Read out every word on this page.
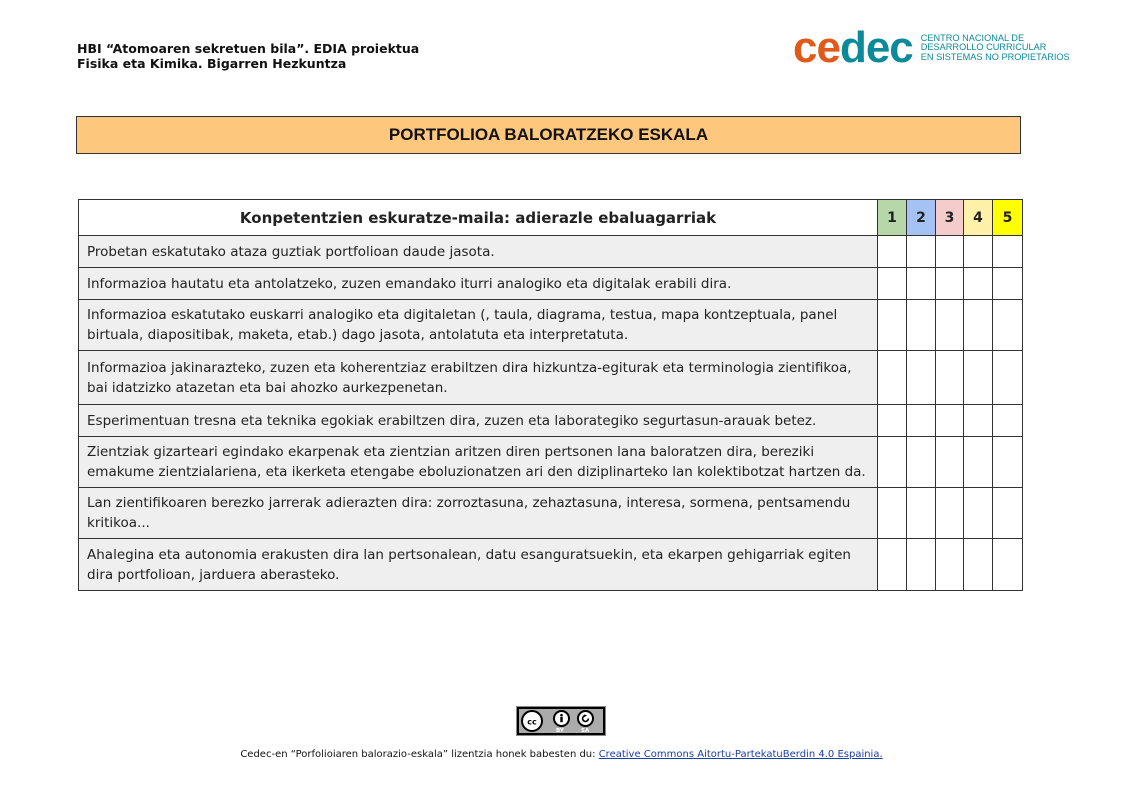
HBI “Atomoaren sekretuen bila”. EDIA proiektua
Fisika eta Kimika. Bigarren Hezkuntza	cedec CENTRO NACIONAL DE
DESARROLLO CURRICULAR
EN SISTEMAS NO PROPIETARIOS
PORTFOLIOA BALORATZEKO ESKALA
Konpetentzien eskuratze-maila: adierazle ebaluagarriak	1	2	3	4	5
Probetan eskatutako ataza guztiak portfolioan daude jasota.					
Informazioa hautatu eta antolatzeko, zuzen emandako iturri analogiko eta digitalak erabili dira.					
Informazioa eskatutako euskarri analogiko eta digitaletan (, taula, diagrama, testua, mapa kontzeptuala, panel birtuala, diapositibak, maketa, etab.) dago jasota, antolatuta eta interpretatuta.					
Informazioa jakinarazteko, zuzen eta koherentziaz erabiltzen dira hizkuntza-egiturak eta terminologia zientifikoa, bai idatzizko atazetan eta bai ahozko aurkezpenetan.					
Esperimentuan tresna eta teknika egokiak erabiltzen dira, zuzen eta laborategiko segurtasun-arauak betez.					
Zientziak gizarteari egindako ekarpenak eta zientzian aritzen diren pertsonen lana baloratzen dira, bereziki emakume zientzialariena, eta ikerketa etengabe eboluzionatzen ari den diziplinarteko lan kolektibotzat hartzen da.					
Lan zientifikoaren berezko jarrerak adierazten dira: zorroztasuna, zehaztasuna, interesa, sormena, pentsamendu kritikoa...					
Ahalegina eta autonomia erakusten dira lan pertsonalean, datu esanguratsuekin, eta ekarpen gehigarriak egiten dira portfolioan, jarduera aberasteko.					
cc
BY	SA
Cedec-en “Porfolioiaren balorazio-eskala” lizentzia honek babesten du: Creative Commons Aitortu-PartekatuBerdin 4.0 Espainia.
